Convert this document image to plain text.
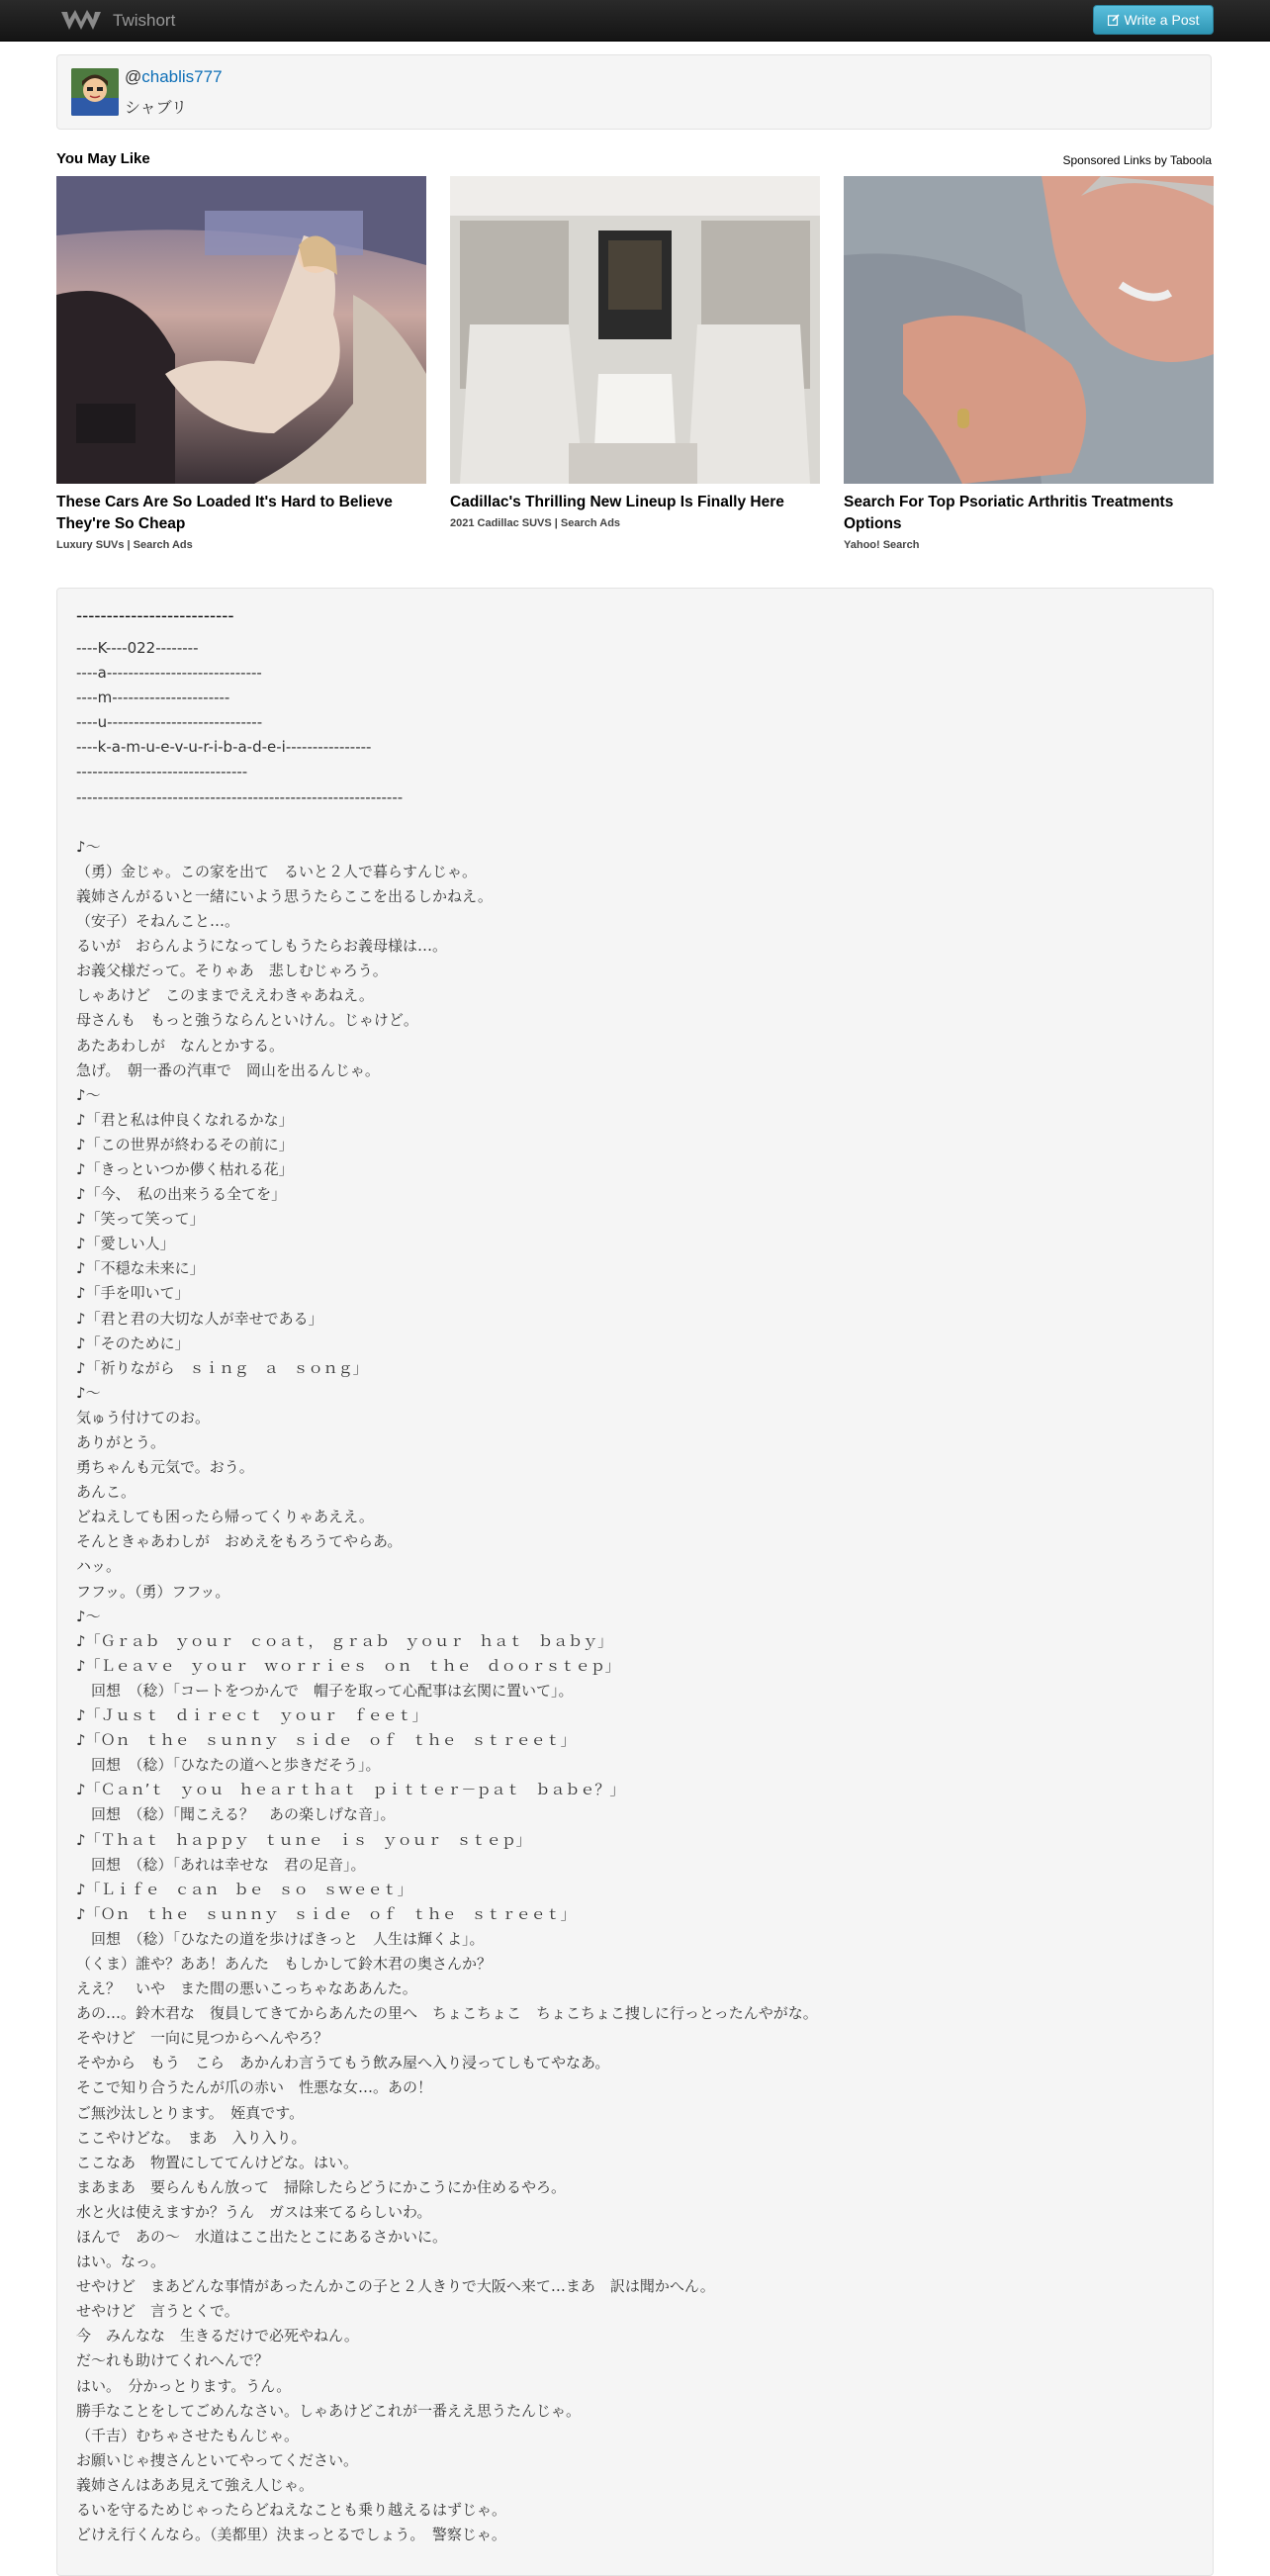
Twishort	Write a Post
@chablis777
シャブリ
You May Like	Sponsored Links by Taboola
These Cars Are So Loaded It's Hard to Believe They're So Cheap
Luxury SUVs | Search Ads
Cadillac's Thrilling New Lineup Is Finally Here
2021 Cadillac SUVS | Search Ads
Search For Top Psoriatic Arthritis Treatments Options
Yahoo! Search
--------------------------
----K----022--------
----a-----------------------------
----m----------------------
----u-----------------------------
----k-a-m-u-e-v-u-r-i-b-a-d-e-i----------------
--------------------------------
-------------------------------------------------------------
♪～
（勇）金じゃ。この家を出て　るいと２人で暮らすんじゃ。
義姉さんがるいと一緒にいよう思うたらここを出るしかねえ。
（安子）そねんこと…。
るいが　おらんようになってしもうたらお義母様は…。
お義父様だって。そりゃあ　悲しむじゃろう。
しゃあけど　このままでええわきゃあねえ。
母さんも　もっと強うならんといけん。じゃけど。
あたあわしが　なんとかする。
急げ。　朝一番の汽車で　岡山を出るんじゃ。
♪～
♪「君と私は仲良くなれるかな」
♪「この世界が終わるその前に」
♪「きっといつか儚く枯れる花」
♪「今、　私の出来うる全てを」
♪「笑って笑って」
♪「愛しい人」
♪「不穏な未来に」
♪「手を叩いて」
♪「君と君の大切な人が幸せである」
♪「そのために」
♪「祈りながら　ｓｉｎｇ　ａ　ｓｏｎｇ」
♪～
気ゅう付けてのお。
ありがとう。
勇ちゃんも元気で。おう。
あんこ。
どねえしても困ったら帰ってくりゃあええ。
そんときゃあわしが　おめえをもろうてやらあ。
ハッ。
フフッ。（勇）フフッ。
♪～
♪「Ｇｒａｂ　ｙｏｕｒ　ｃｏａｔ，　ｇｒａｂ　ｙｏｕｒ　ｈａｔ　ｂａｂｙ」
♪「Ｌｅａｖｅ　ｙｏｕｒ　ｗｏｒｒｉｅｓ　ｏｎ　ｔｈｅ　ｄｏｏｒｓｔｅｐ」
　回想　（稔）「コートをつかんで　帽子を取って心配事は玄関に置いて」。
♪「Ｊｕｓｔ　ｄｉｒｅｃｔ　ｙｏｕｒ　ｆｅｅｔ」
♪「Ｏｎ　ｔｈｅ　ｓｕｎｎｙ　ｓｉｄｅ　ｏｆ　ｔｈｅ　ｓｔｒｅｅｔ」
　回想　（稔）「ひなたの道へと歩きだそう」。
♪「Ｃａｎ’ｔ　ｙｏｕ　ｈｅａｒｔｈａｔ　ｐｉｔｔｅｒ－ｐａｔ　ｂａｂｅ？」
　回想　（稔）「聞こえる？　あの楽しげな音」。
♪「Ｔｈａｔ　ｈａｐｐｙ　ｔｕｎｅ　ｉｓ　ｙｏｕｒ　ｓｔｅｐ」
　回想　（稔）「あれは幸せな　君の足音」。
♪「Ｌｉｆｅ　ｃａｎ　ｂｅ　ｓｏ　ｓｗｅｅｔ」
♪「Ｏｎ　ｔｈｅ　ｓｕｎｎｙ　ｓｉｄｅ　ｏｆ　ｔｈｅ　ｓｔｒｅｅｔ」
　回想　（稔）「ひなたの道を歩けばきっと　人生は輝くよ」。
（くま）誰や？ああ！あんた　もしかして鈴木君の奥さんか？
ええ？　いや　また間の悪いこっちゃなああんた。
あの…。鈴木君な　復員してきてからあんたの里へ　ちょこちょこ　ちょこちょこ捜しに行っとったんやがな。
そやけど　一向に見つからへんやろ？
そやから　もう　こら　あかんわ言うてもう飲み屋へ入り浸ってしもてやなあ。
そこで知り合うたんが爪の赤い　性悪な女…。あの！
ご無沙汰しとります。　姪真です。
ここやけどな。　まあ　入り入り。
ここなあ　物置にしててんけどな。はい。
まあまあ　要らんもん放って　掃除したらどうにかこうにか住めるやろ。
水と火は使えますか？うん　ガスは来てるらしいわ。
ほんで　あの～　水道はここ出たとこにあるさかいに。
はい。なっ。
せやけど　まあどんな事情があったんかこの子と２人きりで大阪へ来て…まあ　訳は聞かへん。
せやけど　言うとくで。
今　みんなな　生きるだけで必死やねん。
だ～れも助けてくれへんで？
はい。　分かっとります。うん。
勝手なことをしてごめんなさい。しゃあけどこれが一番ええ思うたんじゃ。
（千吉）むちゃさせたもんじゃ。
お願いじゃ捜さんといてやってください。
義姉さんはああ見えて強え人じゃ。
るいを守るためじゃったらどねえなことも乗り越えるはずじゃ。
どけえ行くんなら。（美都里）決まっとるでしょう。　警察じゃ。
